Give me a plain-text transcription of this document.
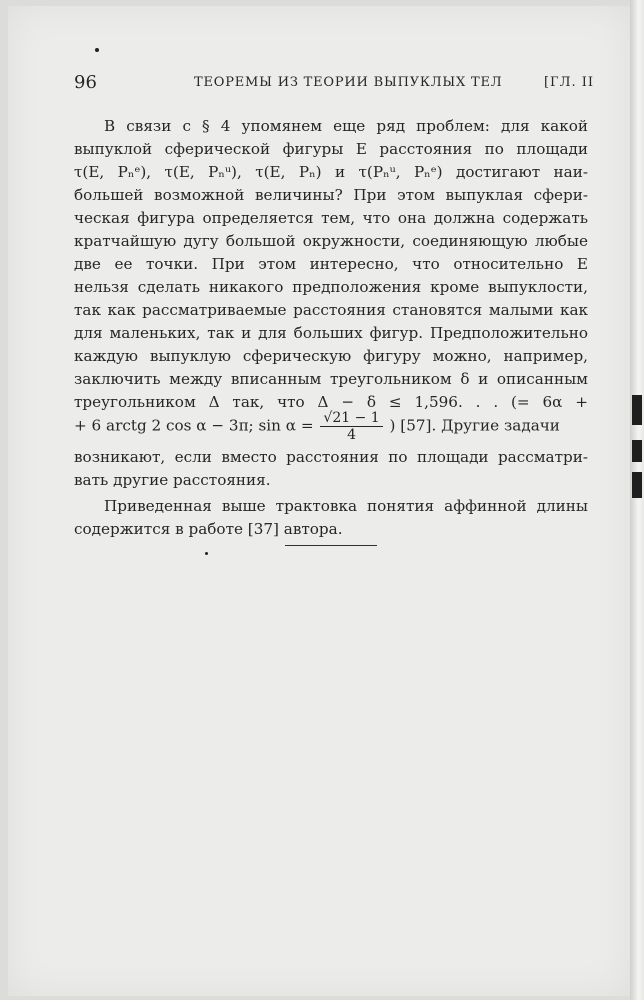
96	ТЕОРЕМЫ ИЗ ТЕОРИИ ВЫПУКЛЫХ ТЕЛ	[ГЛ. II
В связи с § 4 упомянем еще ряд проблем: для какой
выпуклой сферической фигуры E расстояния по площади
τ(E, Pₙᵉ), τ(E, Pₙᵘ), τ(E, Pₙ) и τ(Pₙᵘ, Pₙᵉ) достигают наи-
большей возможной величины? При этом выпуклая сфери-
ческая фигура определяется тем, что она должна содержать
кратчайшую дугу большой окружности, соединяющую любые
две ее точки. При этом интересно, что относительно E
нельзя сделать никакого предположения кроме выпуклости,
так как рассматриваемые расстояния становятся малыми как
для маленьких, так и для больших фигур. Предположительно
каждую выпуклую сферическую фигуру можно, например,
заключить между вписанным треугольником δ и описанным
треугольником Δ так, что Δ − δ ≤ 1,596. . . (= 6α +
+ 6 arctg 2 cos α − 3π; $\sin \alpha = \frac{√21 - 1}{4}$ ) [57]. Другие задачи
возникают, если вместо расстояния по площади рассматри-
вать другие расстояния.
Приведенная выше трактовка понятия аффинной длины
содержится в работе [37] автора.
